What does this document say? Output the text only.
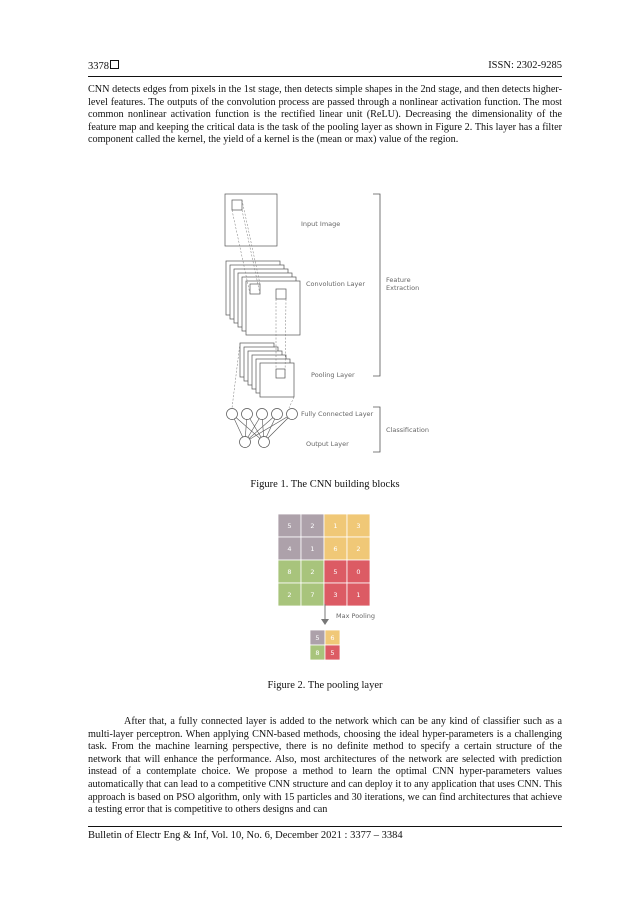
3378	ISSN: 2302-9285

CNN detects edges from pixels in the 1st stage, then detects simple shapes in the 2nd stage, and then detects higher-level features. The outputs of the convolution process are passed through a nonlinear activation function. The most common nonlinear activation function is the rectified linear unit (ReLU). Decreasing the dimensionality of the feature map and keeping the critical data is the task of the pooling layer as shown in Figure 2. This layer has a filter component called the kernel, the yield of a kernel is the (mean or max) value of the region.

Input Image
Convolution Layer
Pooling Layer
Fully Connected Layer
Output Layer
Feature
Extraction
Classification
Figure 1. The CNN building blocks
5	2	1	3
4	1	6	2
8	2	5	0
2	7	3	1
Max Pooling
5 6
8 5
Figure 2. The pooling layer

After that, a fully connected layer is added to the network which can be any kind of classifier such as a multi-layer perceptron. When applying CNN-based methods, choosing the ideal hyper-parameters is a challenging task. From the machine learning perspective, there is no definite method to specify a certain structure of the network that will enhance the performance. Also, most architectures of the network are selected with prediction instead of a contemplate choice. We propose a method to learn the optimal CNN hyper-parameters values automatically that can lead to a competitive CNN structure and can deploy it to any application that uses CNN. This approach is based on PSO algorithm, only with 15 particles and 30 iterations, we can find architectures that achieve a testing error that is competitive to others designs and can

Bulletin of Electr Eng & Inf, Vol. 10, No. 6, December 2021 : 3377 – 3384
